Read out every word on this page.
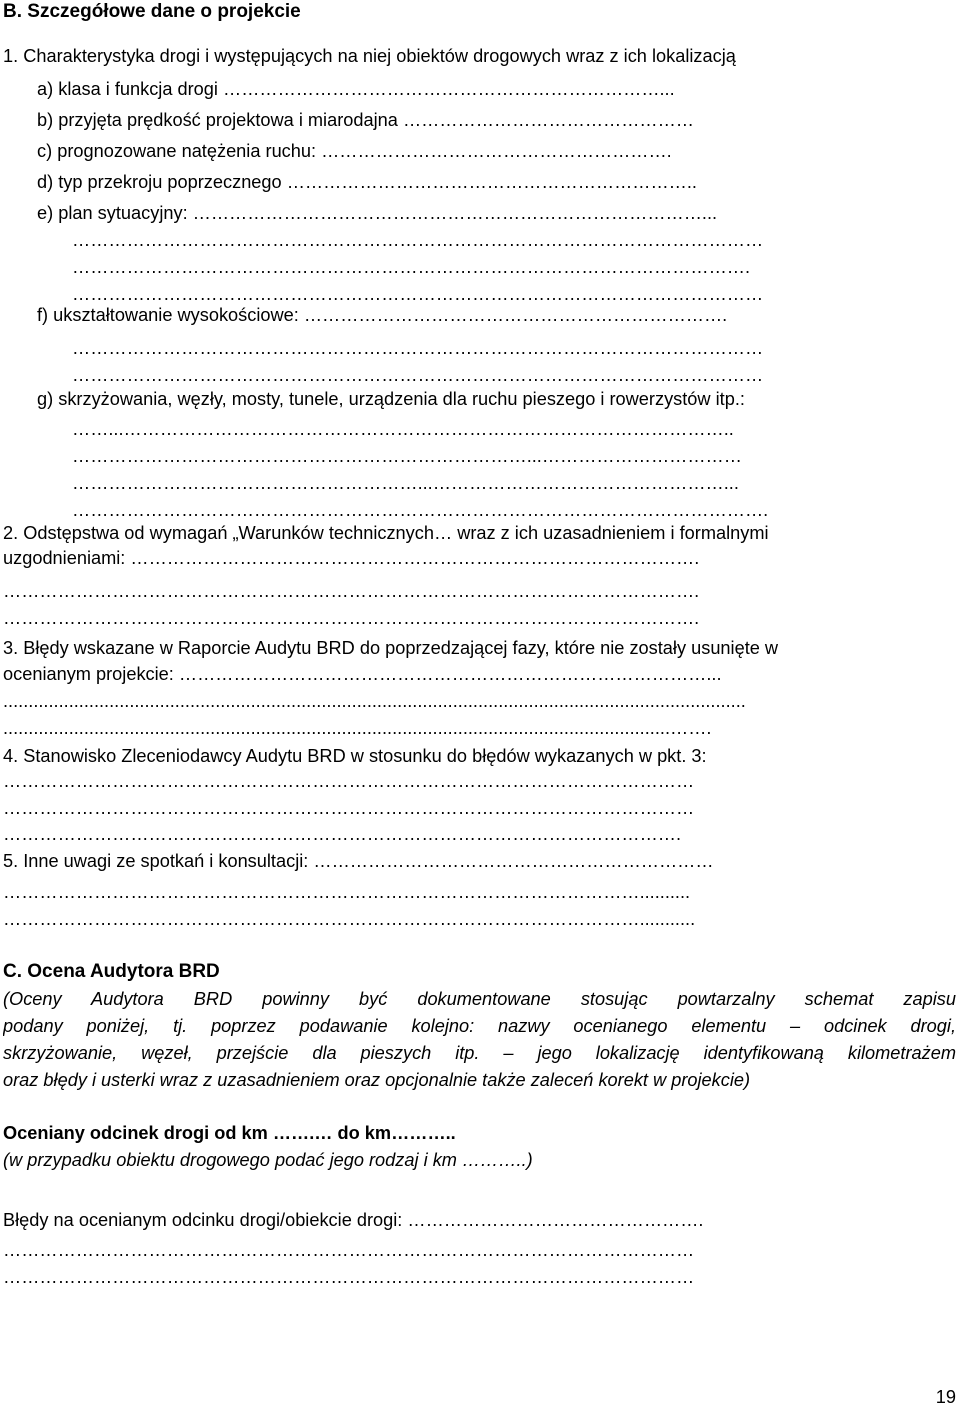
B. Szczegółowe dane o projekcie
1. Charakterystyka drogi i występujących na niej obiektów drogowych wraz z ich lokalizacją
a) klasa i funkcja drogi ………………………………………………………………...
b) przyjęta prędkość projektowa i miarodajna …………………………………………
c) prognozowane natężenia ruchu: ………………………………………………….
d) typ przekroju poprzecznego …………………………………………………………..
e) plan sytuacyjny: …………………………………………………………………………...
……………………………………………………………………………………………………
………………………………………………………………………………………………….
……………………………………………………………………………………………………
f) ukształtowanie wysokościowe: …………………………………………………………….
……………………………………………………………………………………………………
……………………………………………………………………………………………………
g) skrzyżowania, węzły, mosty, tunele, urządzenia dla ruchu pieszego i rowerzystów itp.:
……...………………………………………………………………………………………..
…………………………………………………………………...……………………………
…………………………………………………...…………………………………………...
…………………………………………………………………………………………………….
2. Odstępstwa od wymagań „Warunków technicznych… wraz z ich uzasadnieniem i formalnymi
uzgodnieniami: ………………………………………………………………………………….
…………………………………………………………………………………………………….
…………………………………………………………………………………………………….
3. Błędy wskazane w Raporcie Audytu BRD do poprzedzającej fazy, które nie zostały usunięte w
ocenianym projekcie: ……………………………………………………………………………...
...................................................................................................................................................
....................................................................................................................................…….
4. Stanowisko Zleceniodawcy Audytu BRD w stosunku do błędów wykazanych w pkt. 3:
……………………………………………………………………………………………………
……………………………………………………………………………………………………
………………………………………………………………………………………………….
5. Inne uwagi ze spotkań i konsultacji: …………………………………………………………
……………………………………………………………………………………………..........
……………………………………………………………………………………………...........
C. Ocena Audytora BRD
(Oceny Audytora BRD powinny być dokumentowane stosując powtarzalny schemat zapisu
podany poniżej, tj. poprzez podawanie kolejno: nazwy ocenianego elementu – odcinek drogi,
skrzyżowanie, węzeł, przejście dla pieszych itp. – jego lokalizację identyfikowaną kilometrażem
oraz błędy i usterki wraz z uzasadnieniem oraz opcjonalnie także zaleceń korekt w projekcie)
Oceniany odcinek drogi od km …….… do km………..
(w przypadku obiektu drogowego podać jego rodzaj i km ………..)
Błędy na ocenianym odcinku drogi/obiekcie drogi: ………………………………………….
……………………………………………………………………………………………………
……………………………………………………………………………………………………
19
